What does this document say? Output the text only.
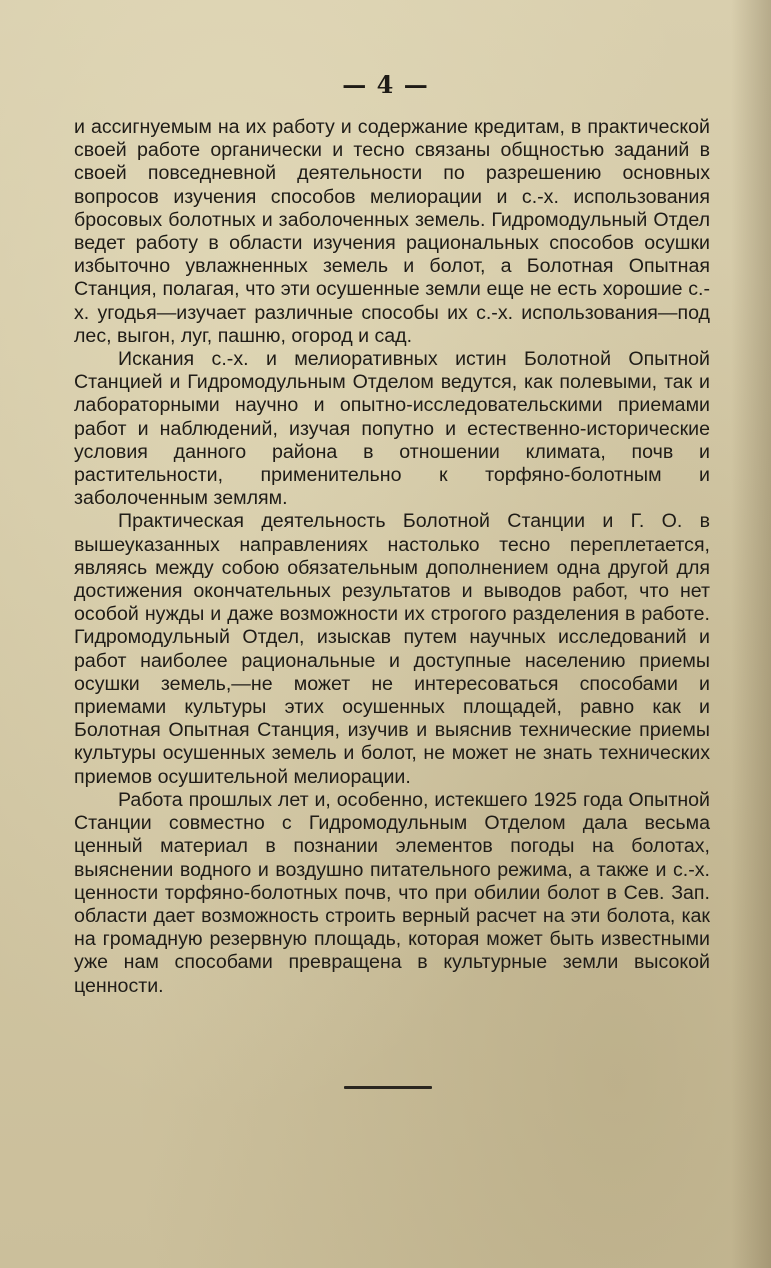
— 4 —

и ассигнуемым на их работу и содержание кредитам, в практической своей работе органически и тесно связаны общностью заданий в своей повседневной деятельности по разрешению основных вопросов изучения способов мелиорации и с.-х. использования бросовых болотных и заболоченных земель. Гидромодульный Отдел ведет работу в области изучения рациональных способов осушки избыточно увлажненных земель и болот, а Болотная Опытная Станция, полагая, что эти осушенные земли еще не есть хорошие с.-х. угодья—изучает различные способы их с.-х. использования—под лес, выгон, луг, пашню, огород и сад.

Искания с.-х. и мелиоративных истин Болотной Опытной Станцией и Гидромодульным Отделом ведутся, как полевыми, так и лабораторными научно и опытно-исследовательскими приемами работ и наблюдений, изучая попутно и естественно-исторические условия данного района в отношении климата, почв и растительности, применительно к торфяно-болотным и заболоченным землям.

Практическая деятельность Болотной Станции и Г. О. в вышеуказанных направлениях настолько тесно переплетается, являясь между собою обязательным дополнением одна другой для достижения окончательных результатов и выводов работ, что нет особой нужды и даже возможности их строгого разделения в работе. Гидромодульный Отдел, изыскав путем научных исследований и работ наиболее рациональные и доступные населению приемы осушки земель,—не может не интересоваться способами и приемами культуры этих осушенных площадей, равно как и Болотная Опытная Станция, изучив и выяснив технические приемы культуры осушенных земель и болот, не может не знать технических приемов осушительной мелиорации.

Работа прошлых лет и, особенно, истекшего 1925 года Опытной Станции совместно с Гидромодульным Отделом дала весьма ценный материал в познании элементов погоды на болотах, выяснении водного и воздушно питательного режима, а также и с.-х. ценности торфяно-болотных почв, что при обилии болот в Сев. Зап. области дает возможность строить верный расчет на эти болота, как на громадную резервную площадь, которая может быть известными уже нам способами превращена в культурные земли высокой ценности.
